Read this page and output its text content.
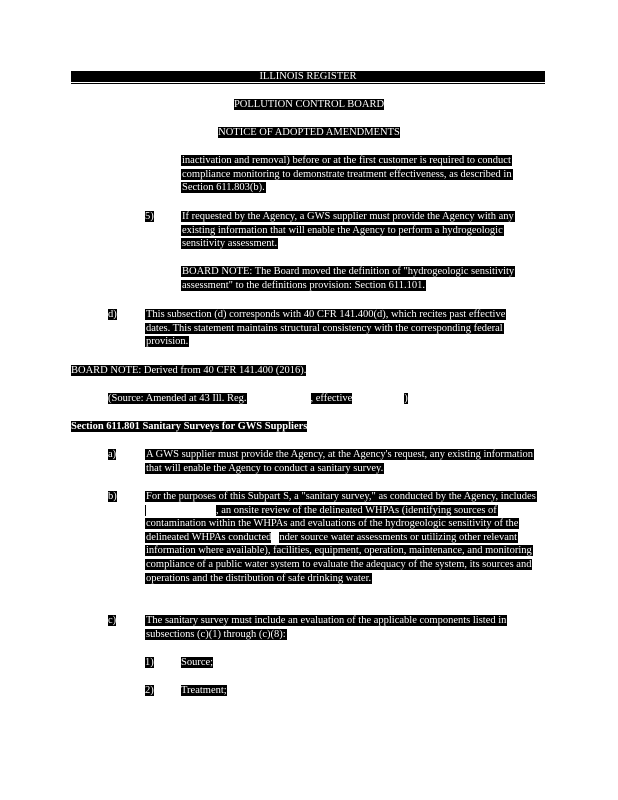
ILLINOIS REGISTER
POLLUTION CONTROL BOARD
NOTICE OF ADOPTED AMENDMENTS
inactivation and removal) before or at the first customer is required to conduct compliance monitoring to demonstrate treatment effectiveness, as described in Section 611.803(b).
5)	If requested by the Agency, a GWS supplier must provide the Agency with any existing information that will enable the Agency to perform a hydrogeologic sensitivity assessment.
BOARD NOTE: The Board moved the definition of "hydrogeologic sensitivity assessment" to the definitions provision: Section 611.101.
d)	This subsection (d) corresponds with 40 CFR 141.400(d), which recites past effective dates. This statement maintains structural consistency with the corresponding federal provision.
BOARD NOTE: Derived from 40 CFR 141.400 (2016).
(Source: Amended at 43 Ill. Reg.	, effective	)
Section 611.801 Sanitary Surveys for GWS Suppliers
a)	A GWS supplier must provide the Agency, at the Agency's request, any existing information that will enable the Agency to conduct a sanitary survey.
b)	For the purposes of this Subpart S, a "sanitary survey," as conducted by the Agency, includes , an onsite review of the delineated WHPAs (identifying sources of contamination within the WHPAs and evaluations of the hydrogeologic sensitivity of the delineated WHPAs conducted nder source water assessments or utilizing other relevant information where available), facilities, equipment, operation, maintenance, and monitoring compliance of a public water system to evaluate the adequacy of the system, its sources and operations and the distribution of safe drinking water.
c)	The sanitary survey must include an evaluation of the applicable components listed in subsections (c)(1) through (c)(8):
1)	Source;
2)	Treatment;
